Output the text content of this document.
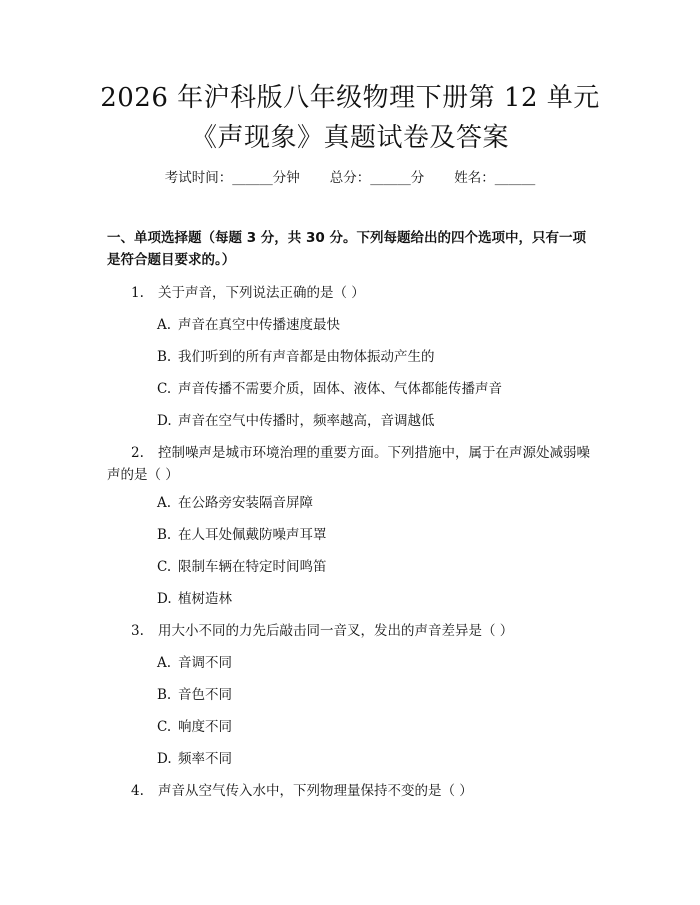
2026 年沪科版八年级物理下册第 12 单元
《声现象》真题试卷及答案
考试时间：______分钟 总分：______分 姓名：______
一、单项选择题（每题 3 分，共 30 分。下列每题给出的四个选项中，只有一项是符合题目要求的。）
1. 关于声音，下列说法正确的是（ ）
A. 声音在真空中传播速度最快
B. 我们听到的所有声音都是由物体振动产生的
C. 声音传播不需要介质，固体、液体、气体都能传播声音
D. 声音在空气中传播时，频率越高，音调越低
2. 控制噪声是城市环境治理的重要方面。下列措施中，属于在声源处减弱噪声的是（ ）
A. 在公路旁安装隔音屏障
B. 在人耳处佩戴防噪声耳罩
C. 限制车辆在特定时间鸣笛
D. 植树造林
3. 用大小不同的力先后敲击同一音叉，发出的声音差异是（ ）
A. 音调不同
B. 音色不同
C. 响度不同
D. 频率不同
4. 声音从空气传入水中，下列物理量保持不变的是（ ）
